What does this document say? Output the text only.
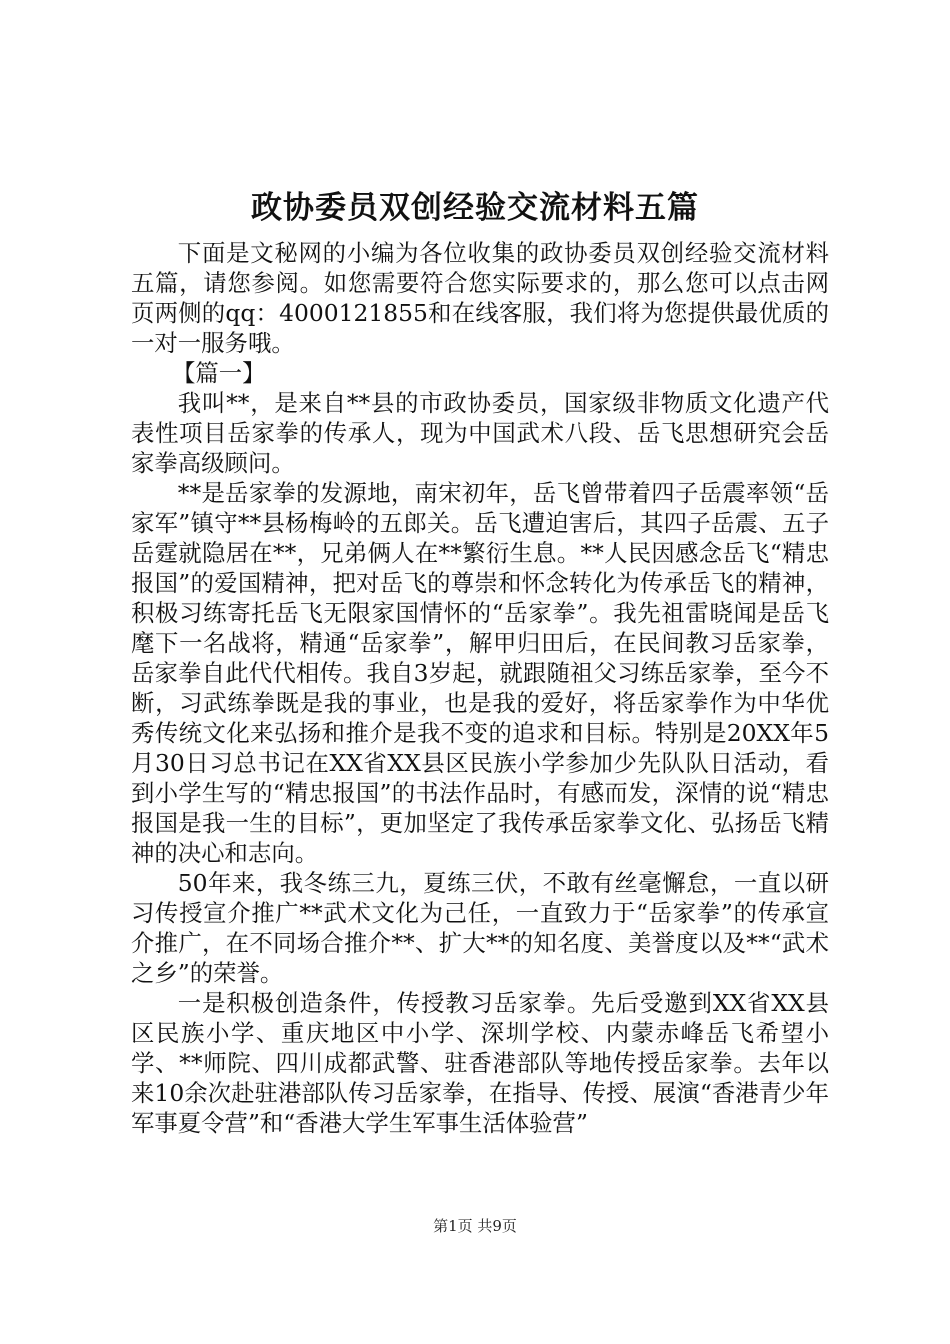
政协委员双创经验交流材料五篇

下面是文秘网的小编为各位收集的政协委员双创经验交流材料五篇，请您参阅。如您需要符合您实际要求的，那么您可以点击网页两侧的qq：4000121855和在线客服，我们将为您提供最优质的一对一服务哦。

【篇一】

我叫**，是来自**县的市政协委员，国家级非物质文化遗产代表性项目岳家拳的传承人，现为中国武术八段、岳飞思想研究会岳家拳高级顾问。

**是岳家拳的发源地，南宋初年，岳飞曾带着四子岳震率领“岳家军”镇守**县杨梅岭的五郎关。岳飞遭迫害后，其四子岳震、五子岳霆就隐居在**，兄弟俩人在**繁衍生息。**人民因感念岳飞“精忠报国”的爱国精神，把对岳飞的尊崇和怀念转化为传承岳飞的精神，积极习练寄托岳飞无限家国情怀的“岳家拳”。我先祖雷晓闻是岳飞麾下一名战将，精通“岳家拳”，解甲归田后，在民间教习岳家拳，岳家拳自此代代相传。我自3岁起，就跟随祖父习练岳家拳，至今不断，习武练拳既是我的事业，也是我的爱好，将岳家拳作为中华优秀传统文化来弘扬和推介是我不变的追求和目标。特别是20XX年5月30日习总书记在XX省XX县区民族小学参加少先队队日活动，看到小学生写的“精忠报国”的书法作品时，有感而发，深情的说“精忠报国是我一生的目标”，更加坚定了我传承岳家拳文化、弘扬岳飞精神的决心和志向。

50年来，我冬练三九，夏练三伏，不敢有丝毫懈怠，一直以研习传授宣介推广**武术文化为己任，一直致力于“岳家拳”的传承宣介推广，在不同场合推介**、扩大**的知名度、美誉度以及**“武术之乡”的荣誉。

一是积极创造条件，传授教习岳家拳。先后受邀到XX省XX县区民族小学、重庆地区中小学、深圳学校、内蒙赤峰岳飞希望小学、**师院、四川成都武警、驻香港部队等地传授岳家拳。去年以来10余次赴驻港部队传习岳家拳，在指导、传授、展演“香港青少年军事夏令营”和“香港大学生军事生活体验营”

第1页 共9页
